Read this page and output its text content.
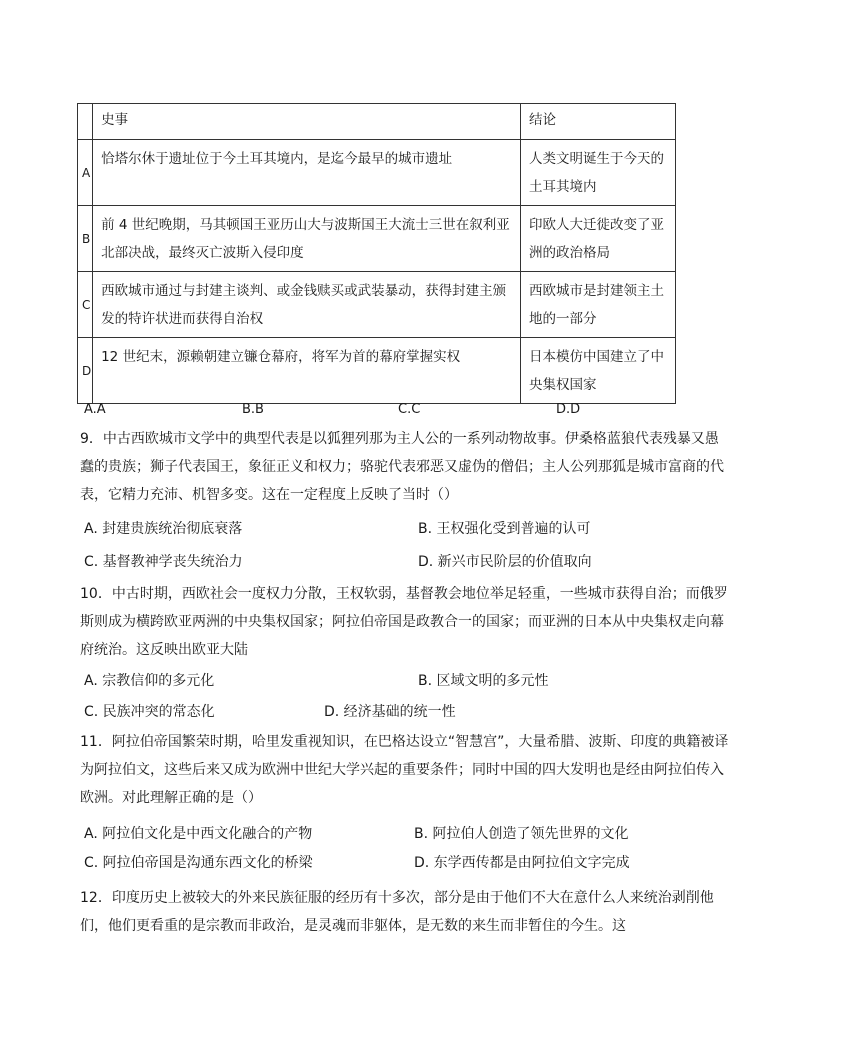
	史事	结论
A	恰塔尔休于遗址位于今土耳其境内，是迄今最早的城市遗址	人类文明诞生于今天的土耳其境内
B	前 4 世纪晚期，马其顿国王亚历山大与波斯国王大流士三世在叙利亚北部决战，最终灭亡波斯入侵印度	印欧人大迁徙改变了亚洲的政治格局
C	西欧城市通过与封建主谈判、或金钱赎买或武装暴动，获得封建主颁发的特许状进而获得自治权	西欧城市是封建领主土地的一部分
D	12 世纪末，源赖朝建立镰仓幕府，将军为首的幕府掌握实权	日本模仿中国建立了中央集权国家
A.A	B.B	C.C	D.D
9．中古西欧城市文学中的典型代表是以狐狸列那为主人公的一系列动物故事。伊桑格蓝狼代表残暴又愚蠢的贵族；狮子代表国王，象征正义和权力；骆驼代表邪恶又虚伪的僧侣；主人公列那狐是城市富商的代表，它精力充沛、机智多变。这在一定程度上反映了当时（）
A. 封建贵族统治彻底衰落	B. 王权强化受到普遍的认可
C. 基督教神学丧失统治力	D. 新兴市民阶层的价值取向
10．中古时期，西欧社会一度权力分散，王权软弱，基督教会地位举足轻重，一些城市获得自治；而俄罗斯则成为横跨欧亚两洲的中央集权国家；阿拉伯帝国是政教合一的国家；而亚洲的日本从中央集权走向幕府统治。这反映出欧亚大陆
A. 宗教信仰的多元化	B. 区域文明的多元性
C. 民族冲突的常态化	D. 经济基础的统一性
11．阿拉伯帝国繁荣时期，哈里发重视知识，在巴格达设立“智慧宫”，大量希腊、波斯、印度的典籍被译为阿拉伯文，这些后来又成为欧洲中世纪大学兴起的重要条件；同时中国的四大发明也是经由阿拉伯传入欧洲。对此理解正确的是（）
A. 阿拉伯文化是中西文化融合的产物	B. 阿拉伯人创造了领先世界的文化
C. 阿拉伯帝国是沟通东西文化的桥梁	D. 东学西传都是由阿拉伯文字完成
12．印度历史上被较大的外来民族征服的经历有十多次，部分是由于他们不大在意什么人来统治剥削他们，他们更看重的是宗教而非政治，是灵魂而非躯体，是无数的来生而非暂住的今生。这
